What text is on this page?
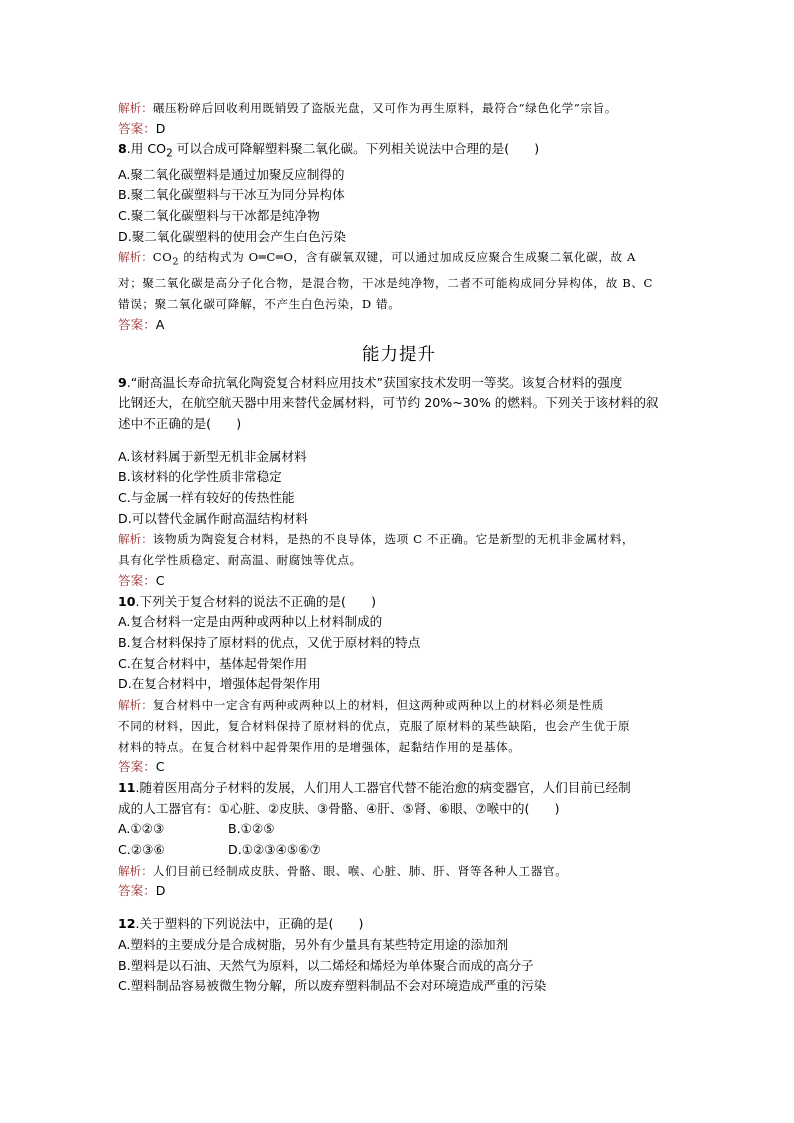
解析：碾压粉碎后回收利用既销毁了盗版光盘，又可作为再生原料，最符合“绿色化学”宗旨。
答案：D
8.用 $CO_2$ 可以合成可降解塑料聚二氧化碳。下列相关说法中合理的是(　　)
A.聚二氧化碳塑料是通过加聚反应制得的
B.聚二氧化碳塑料与干冰互为同分异构体
C.聚二氧化碳塑料与干冰都是纯净物
D.聚二氧化碳塑料的使用会产生白色污染
解析：$CO_2$ 的结构式为 O═C═O，含有碳氧双键，可以通过加成反应聚合生成聚二氧化碳，故 A
对；聚二氧化碳是高分子化合物，是混合物，干冰是纯净物，二者不可能构成同分异构体，故 B、C
错误；聚二氧化碳可降解，不产生白色污染，D 错。
答案：A
能力提升
9.“耐高温长寿命抗氧化陶瓷复合材料应用技术”获国家技术发明一等奖。该复合材料的强度
比钢还大，在航空航天器中用来替代金属材料，可节约 20%~30% 的燃料。下列关于该材料的叙
述中不正确的是(　　)
A.该材料属于新型无机非金属材料
B.该材料的化学性质非常稳定
C.与金属一样有较好的传热性能
D.可以替代金属作耐高温结构材料
解析：该物质为陶瓷复合材料，是热的不良导体，选项 C 不正确。它是新型的无机非金属材料，
具有化学性质稳定、耐高温、耐腐蚀等优点。
答案：C
10.下列关于复合材料的说法不正确的是(　　)
A.复合材料一定是由两种或两种以上材料制成的
B.复合材料保持了原材料的优点，又优于原材料的特点
C.在复合材料中，基体起骨架作用
D.在复合材料中，增强体起骨架作用
解析：复合材料中一定含有两种或两种以上的材料，但这两种或两种以上的材料必须是性质
不同的材料，因此，复合材料保持了原材料的优点，克服了原材料的某些缺陷，也会产生优于原
材料的特点。在复合材料中起骨架作用的是增强体，起黏结作用的是基体。
答案：C
11.随着医用高分子材料的发展，人们用人工器官代替不能治愈的病变器官，人们目前已经制
成的人工器官有：①心脏、②皮肤、③骨骼、④肝、⑤肾、⑥眼、⑦喉中的(　　)
A.①②③	B.①②⑤
C.②③⑥	D.①②③④⑤⑥⑦
解析：人们目前已经制成皮肤、骨骼、眼、喉、心脏、肺、肝、肾等各种人工器官。
答案：D
12.关于塑料的下列说法中，正确的是(　　)
A.塑料的主要成分是合成树脂，另外有少量具有某些特定用途的添加剂
B.塑料是以石油、天然气为原料，以二烯烃和烯烃为单体聚合而成的高分子
C.塑料制品容易被微生物分解，所以废弃塑料制品不会对环境造成严重的污染
